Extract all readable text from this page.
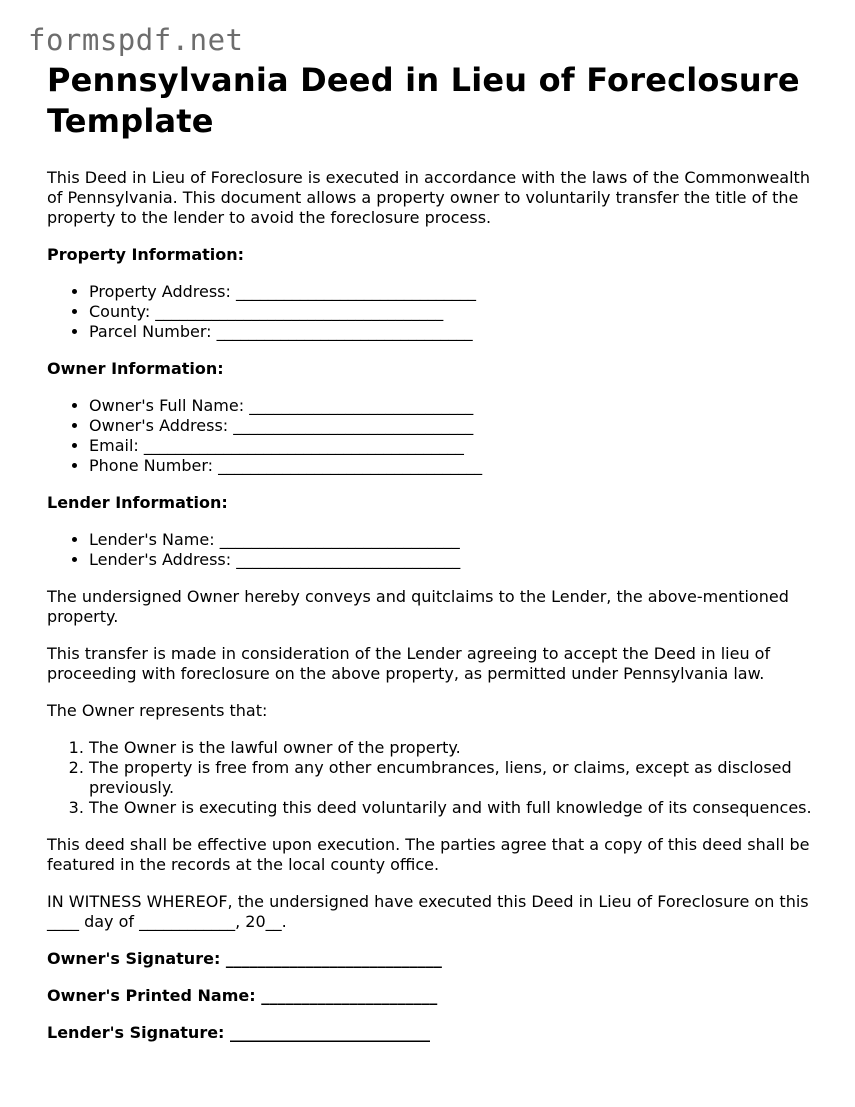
formspdf.net
Pennsylvania Deed in Lieu of Foreclosure Template

This Deed in Lieu of Foreclosure is executed in accordance with the laws of the Commonwealth of Pennsylvania. This document allows a property owner to voluntarily transfer the title of the property to the lender to avoid the foreclosure process.

Property Information:

• Property Address: ______________________________
• County: ____________________________________
• Parcel Number: ________________________________

Owner Information:

• Owner's Full Name: ____________________________
• Owner's Address: ______________________________
• Email: ________________________________________
• Phone Number: _________________________________

Lender Information:

• Lender's Name: ______________________________
• Lender's Address: ____________________________

The undersigned Owner hereby conveys and quitclaims to the Lender, the above-mentioned property.

This transfer is made in consideration of the Lender agreeing to accept the Deed in lieu of proceeding with foreclosure on the above property, as permitted under Pennsylvania law.

The Owner represents that:

1. The Owner is the lawful owner of the property.
2. The property is free from any other encumbrances, liens, or claims, except as disclosed previously.
3. The Owner is executing this deed voluntarily and with full knowledge of its consequences.

This deed shall be effective upon execution. The parties agree that a copy of this deed shall be featured in the records at the local county office.

IN WITNESS WHEREOF, the undersigned have executed this Deed in Lieu of Foreclosure on this ____ day of ____________, 20__.

Owner's Signature: ___________________________

Owner's Printed Name: ______________________

Lender's Signature: _________________________
